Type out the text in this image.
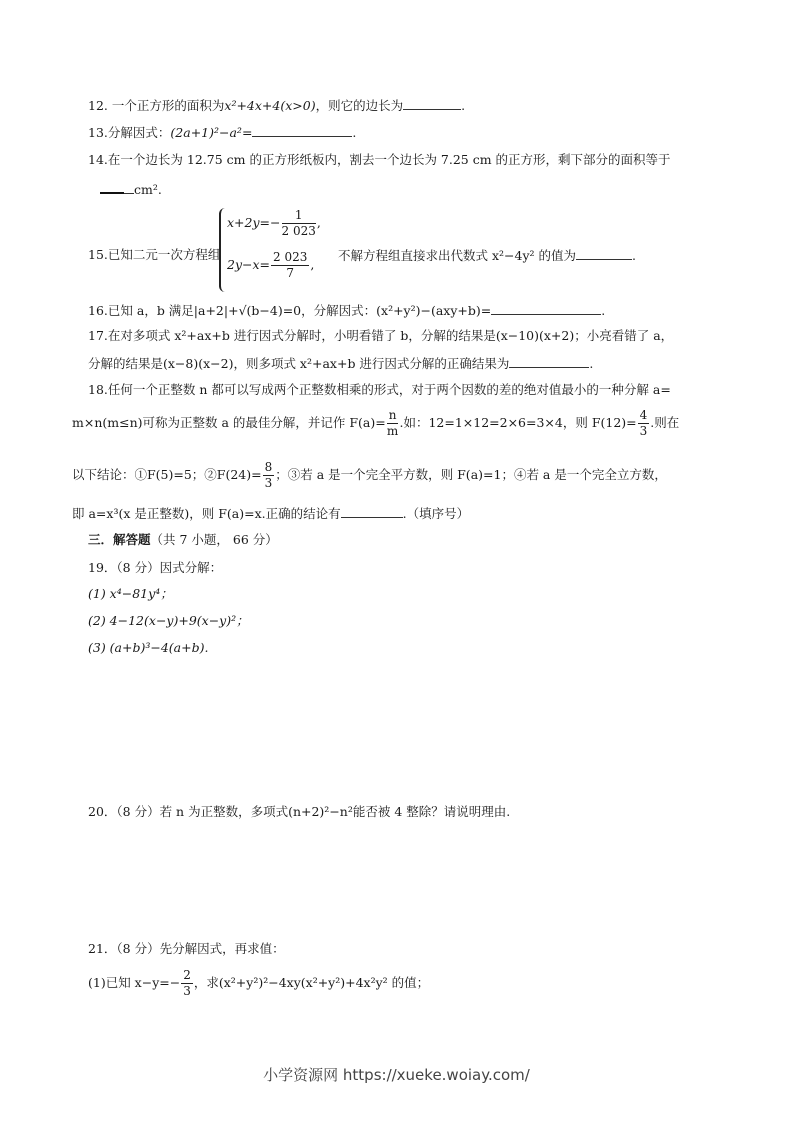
12. 一个正方形的面积为x²+4x+4(x>0)，则它的边长为	.
13.分解因式：(2a+1)²−a²=	.
14.在一个边长为 12.75 cm 的正方形纸板内，割去一个边长为 7.25 cm 的正方形，剩下部分的面积等于
cm².
15.已知二元一次方程组
$x+2y=- \frac{1}{2 023}$ ,
$2y-x= \frac{2 023}{7}$ ,
不解方程组直接求出代数式 x²−4y² 的值为	.
16.已知 a，b 满足|a+2|+√(b−4)=0，分解因式：(x²+y²)−(axy+b)=	.
17.在对多项式 x²+ax+b 进行因式分解时，小明看错了 b，分解的结果是(x−10)(x+2)；小亮看错了 a，
分解的结果是(x−8)(x−2)，则多项式 x²+ax+b 进行因式分解的正确结果为	.
18.任何一个正整数 n 都可以写成两个正整数相乘的形式，对于两个因数的差的绝对值最小的一种分解 a=
m×n(m≤n)可称为正整数 a 的最佳分解，并记作 $F(a)= \frac{n}{m}$ .如：12=1×12=2×6=3×4，则 $F(12)= \frac{4}{3}$ .则在
以下结论：①F(5)=5；②F(24)= $\frac{8}{3}$ ；③若 a 是一个完全平方数，则 F(a)=1；④若 a 是一个完全立方数，
即 a=x³(x 是正整数)，则 F(a)=x.正确的结论有	.（填序号）
三．解答题（共 7 小题， 66 分）
19．（8 分）因式分解：
(1) x⁴−81y⁴；
(2) 4−12(x−y)+9(x−y)²；
(3) (a+b)³−4(a+b).
20．（8 分）若 n 为正整数，多项式(n+2)²−n²能否被 4 整除？请说明理由.
21．（8 分）先分解因式，再求值：
(1)已知 $x-y=- \frac{2}{3}$ ，求(x²+y²)²−4xy(x²+y²)+4x²y² 的值；
小学资源网 https://xueke.woiay.com/
